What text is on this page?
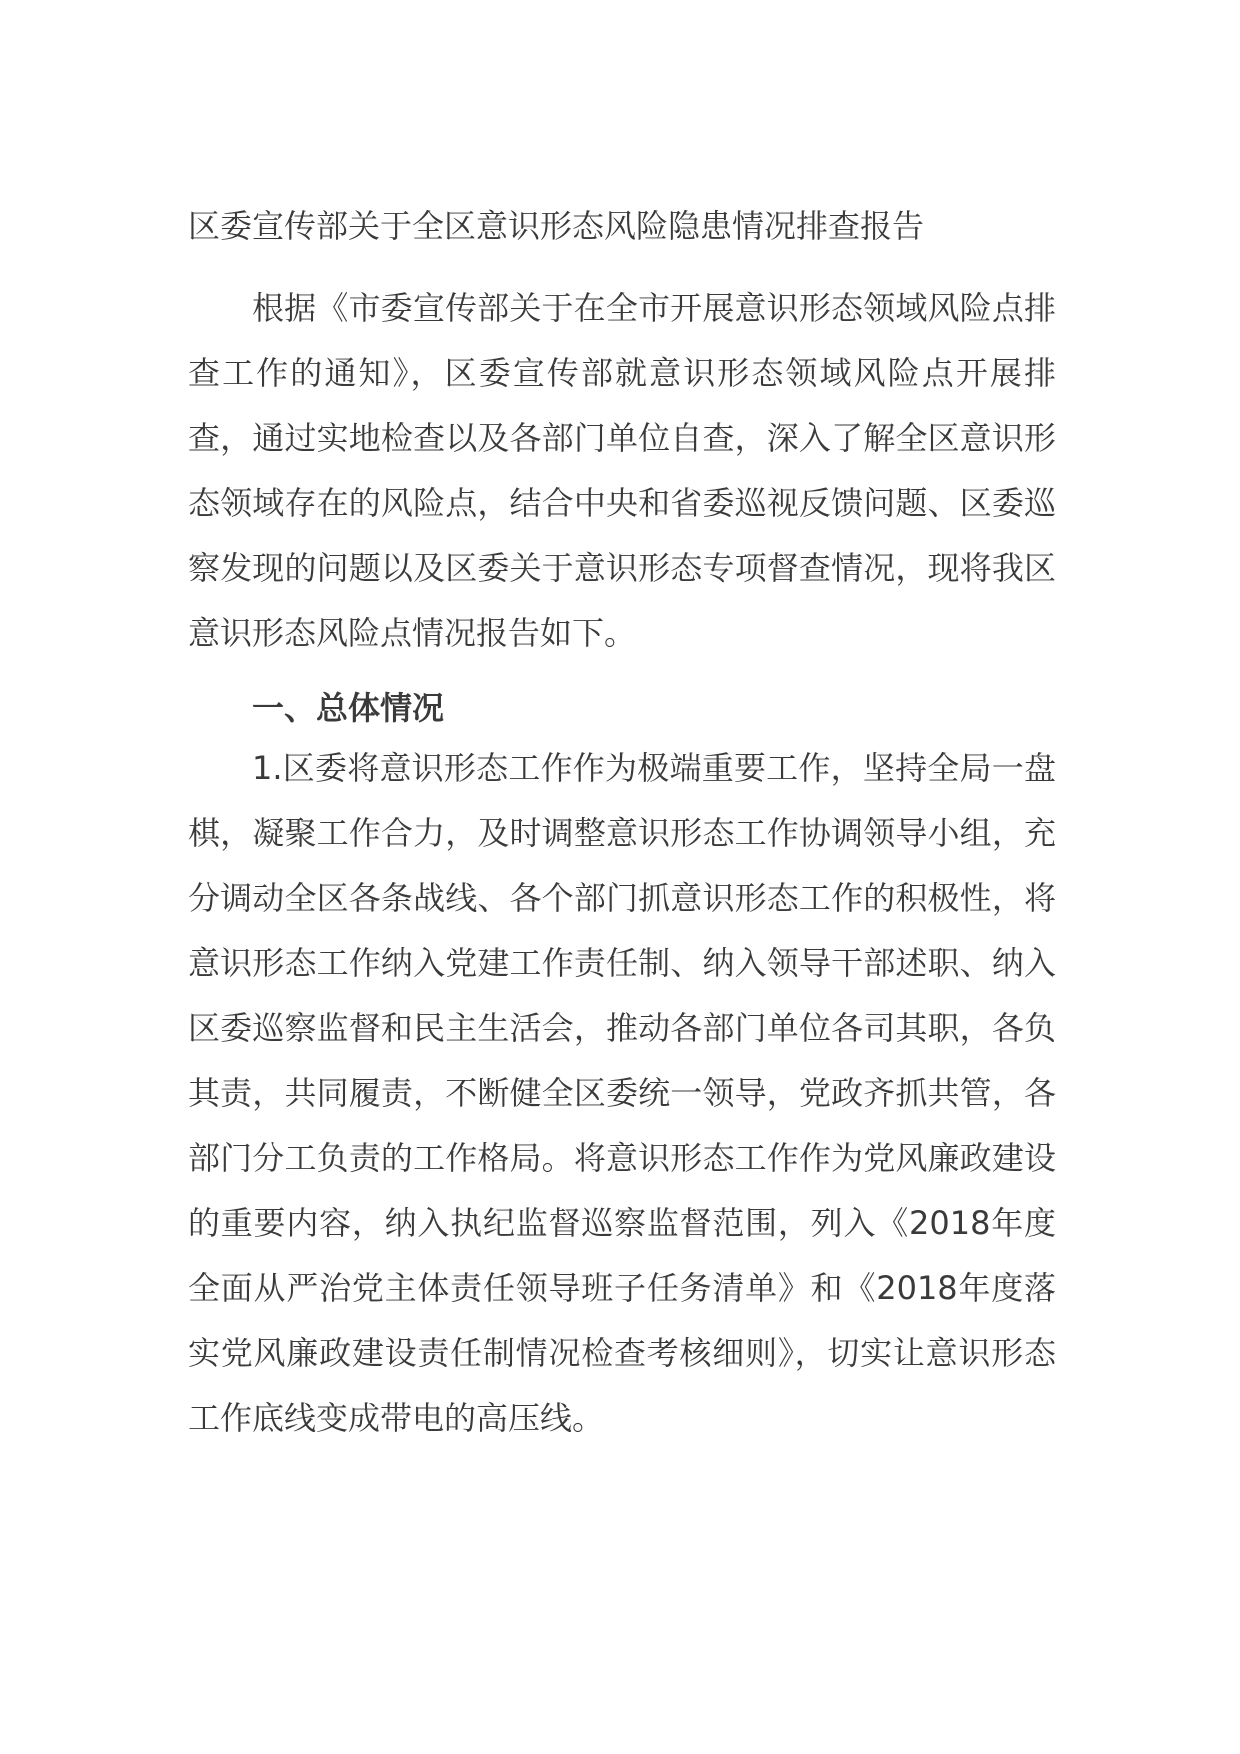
区委宣传部关于全区意识形态风险隐患情况排查报告

根据《市委宣传部关于在全市开展意识形态领域风险点排查工作的通知》，区委宣传部就意识形态领域风险点开展排查，通过实地检查以及各部门单位自查，深入了解全区意识形态领域存在的风险点，结合中央和省委巡视反馈问题、区委巡察发现的问题以及区委关于意识形态专项督查情况，现将我区意识形态风险点情况报告如下。

一、总体情况

1.区委将意识形态工作作为极端重要工作，坚持全局一盘棋，凝聚工作合力，及时调整意识形态工作协调领导小组，充分调动全区各条战线、各个部门抓意识形态工作的积极性，将意识形态工作纳入党建工作责任制、纳入领导干部述职、纳入区委巡察监督和民主生活会，推动各部门单位各司其职，各负其责，共同履责，不断健全区委统一领导，党政齐抓共管，各部门分工负责的工作格局。将意识形态工作作为党风廉政建设的重要内容，纳入执纪监督巡察监督范围，列入《2018年度全面从严治党主体责任领导班子任务清单》和《2018年度落实党风廉政建设责任制情况检查考核细则》，切实让意识形态工作底线变成带电的高压线。
